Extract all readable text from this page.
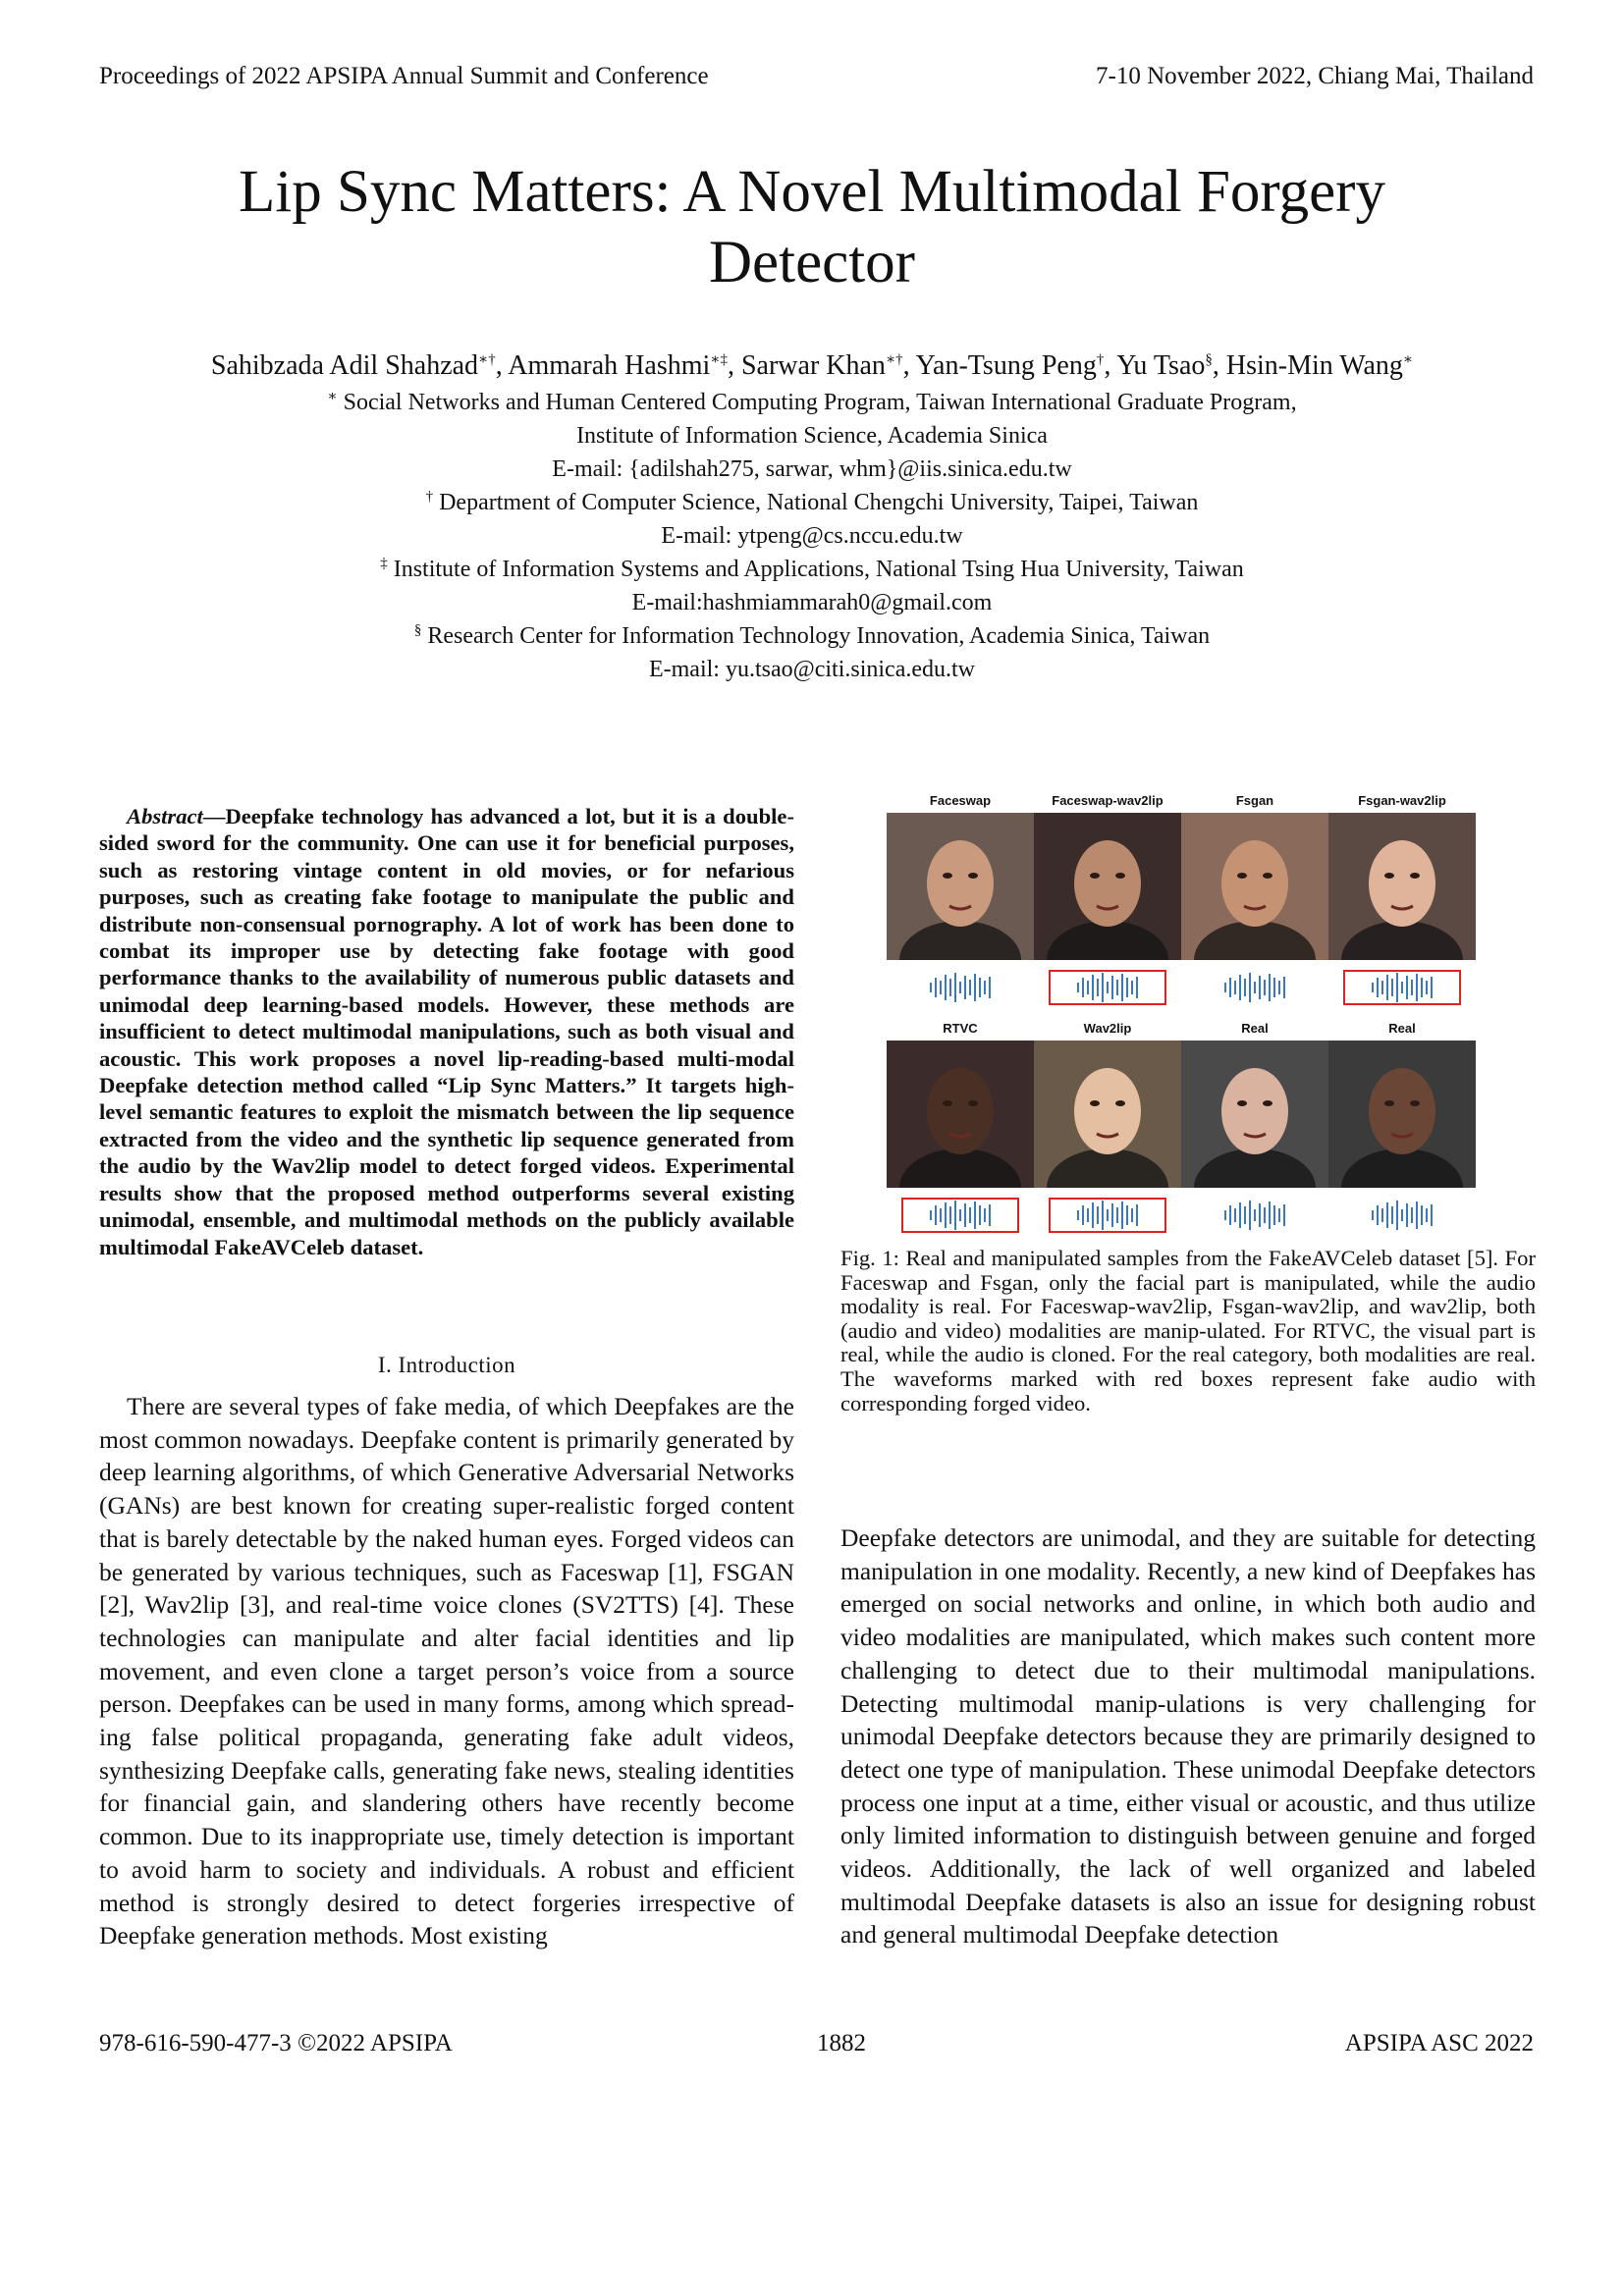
Proceedings of 2022 APSIPA Annual Summit and Conference	7-10 November 2022, Chiang Mai, Thailand
Lip Sync Matters: A Novel Multimodal Forgery
Detector
Sahibzada Adil Shahzad∗†, Ammarah Hashmi∗‡, Sarwar Khan∗†, Yan-Tsung Peng†, Yu Tsao§, Hsin-Min Wang∗
∗ Social Networks and Human Centered Computing Program, Taiwan International Graduate Program,
Institute of Information Science, Academia Sinica
E-mail: {adilshah275, sarwar, whm}@iis.sinica.edu.tw
† Department of Computer Science, National Chengchi University, Taipei, Taiwan
E-mail: ytpeng@cs.nccu.edu.tw
‡ Institute of Information Systems and Applications, National Tsing Hua University, Taiwan
E-mail:hashmiammarah0@gmail.com
§ Research Center for Information Technology Innovation, Academia Sinica, Taiwan
E-mail: yu.tsao@citi.sinica.edu.tw

Abstract—Deepfake technology has advanced a lot, but it is a double-sided sword for the community. One can use it for beneficial purposes, such as restoring vintage content in old movies, or for nefarious purposes, such as creating fake footage to manipulate the public and distribute non-consensual pornography. A lot of work has been done to combat its improper use by detecting fake footage with good performance thanks to the availability of numerous public datasets and unimodal deep learning-based models. However, these methods are insufficient to detect multimodal manipulations, such as both visual and acoustic. This work proposes a novel lip-reading-based multi-modal Deepfake detection method called “Lip Sync Matters.” It targets high-level semantic features to exploit the mismatch between the lip sequence extracted from the video and the synthetic lip sequence generated from the audio by the Wav2lip model to detect forged videos. Experimental results show that the proposed method outperforms several existing unimodal, ensemble, and multimodal methods on the publicly available multimodal FakeAVCeleb dataset.

I. Introduction

There are several types of fake media, of which Deepfakes are the most common nowadays. Deepfake content is primarily generated by deep learning algorithms, of which Generative Adversarial Networks (GANs) are best known for creating super-realistic forged content that is barely detectable by the naked human eyes. Forged videos can be generated by various techniques, such as Faceswap [1], FSGAN [2], Wav2lip [3], and real-time voice clones (SV2TTS) [4]. These technologies can manipulate and alter facial identities and lip movement, and even clone a target person’s voice from a source person. Deepfakes can be used in many forms, among which spread-ing false political propaganda, generating fake adult videos, synthesizing Deepfake calls, generating fake news, stealing identities for financial gain, and slandering others have recently become common. Due to its inappropriate use, timely detection is important to avoid harm to society and individuals. A robust and efficient method is strongly desired to detect forgeries irrespective of Deepfake generation methods. Most existing

Faceswap	Faceswap-wav2lip	Fsgan	Fsgan-wav2lip
RTVC	Wav2lip	Real	Real
Fig. 1: Real and manipulated samples from the FakeAVCeleb dataset [5]. For Faceswap and Fsgan, only the facial part is manipulated, while the audio modality is real. For Faceswap-wav2lip, Fsgan-wav2lip, and wav2lip, both (audio and video) modalities are manip-ulated. For RTVC, the visual part is real, while the audio is cloned. For the real category, both modalities are real. The waveforms marked with red boxes represent fake audio with corresponding forged video.

Deepfake detectors are unimodal, and they are suitable for detecting manipulation in one modality. Recently, a new kind of Deepfakes has emerged on social networks and online, in which both audio and video modalities are manipulated, which makes such content more challenging to detect due to their multimodal manipulations. Detecting multimodal manip-ulations is very challenging for unimodal Deepfake detectors because they are primarily designed to detect one type of manipulation. These unimodal Deepfake detectors process one input at a time, either visual or acoustic, and thus utilize only limited information to distinguish between genuine and forged videos. Additionally, the lack of well organized and labeled multimodal Deepfake datasets is also an issue for designing robust and general multimodal Deepfake detection

978-616-590-477-3 ©2022 APSIPA	1882	APSIPA ASC 2022
